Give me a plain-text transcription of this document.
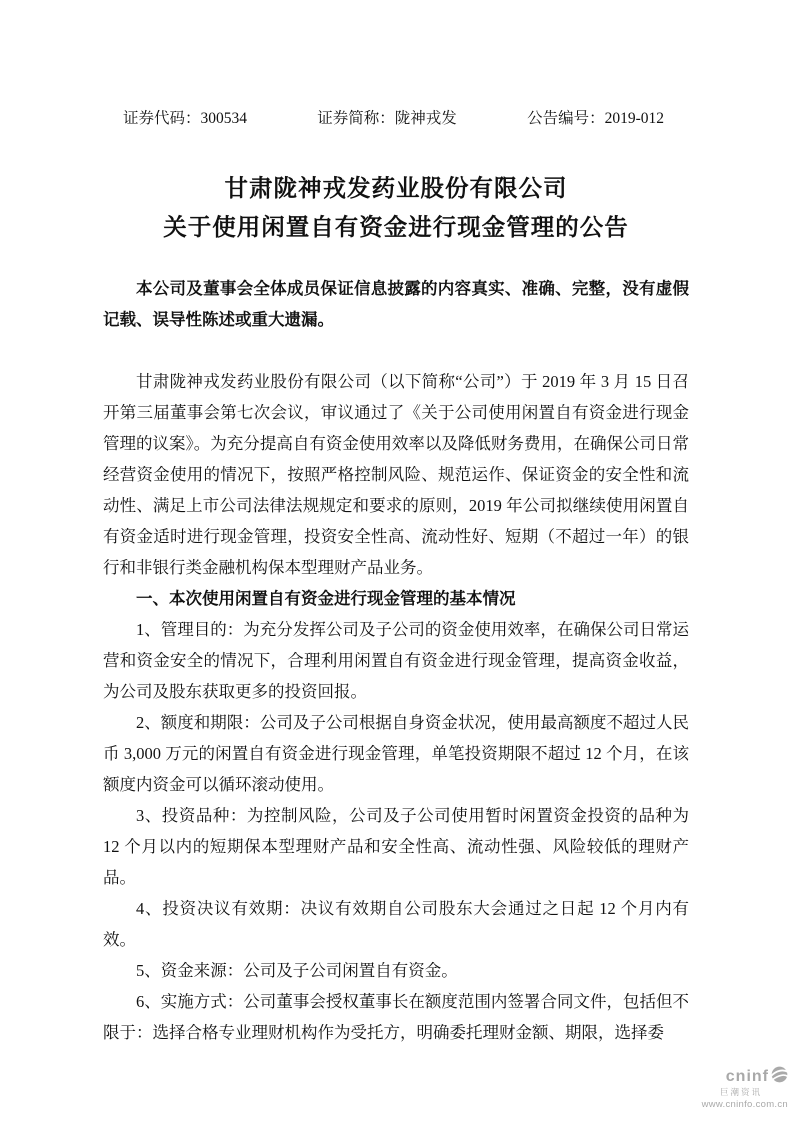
证券代码：300534	证券简称：陇神戎发	公告编号：2019-012
甘肃陇神戎发药业股份有限公司
关于使用闲置自有资金进行现金管理的公告

本公司及董事会全体成员保证信息披露的内容真实、准确、完整，没有虚假记载、误导性陈述或重大遗漏。

甘肃陇神戎发药业股份有限公司（以下简称“公司”）于 2019 年 3 月 15 日召开第三届董事会第七次会议，审议通过了《关于公司使用闲置自有资金进行现金管理的议案》。为充分提高自有资金使用效率以及降低财务费用，在确保公司日常经营资金使用的情况下，按照严格控制风险、规范运作、保证资金的安全性和流动性、满足上市公司法律法规规定和要求的原则，2019 年公司拟继续使用闲置自有资金适时进行现金管理，投资安全性高、流动性好、短期（不超过一年）的银行和非银行类金融机构保本型理财产品业务。

一、本次使用闲置自有资金进行现金管理的基本情况

1、管理目的：为充分发挥公司及子公司的资金使用效率，在确保公司日常运营和资金安全的情况下，合理利用闲置自有资金进行现金管理，提高资金收益，为公司及股东获取更多的投资回报。

2、额度和期限：公司及子公司根据自身资金状况，使用最高额度不超过人民币 3,000 万元的闲置自有资金进行现金管理，单笔投资期限不超过 12 个月，在该额度内资金可以循环滚动使用。

3、投资品种：为控制风险，公司及子公司使用暂时闲置资金投资的品种为 12 个月以内的短期保本型理财产品和安全性高、流动性强、风险较低的理财产品。

4、投资决议有效期：决议有效期自公司股东大会通过之日起 12 个月内有效。

5、资金来源：公司及子公司闲置自有资金。

6、实施方式：公司董事会授权董事长在额度范围内签署合同文件，包括但不限于：选择合格专业理财机构作为受托方，明确委托理财金额、期限，选择委

cninf
巨潮资讯
www.cninfo.com.cn
